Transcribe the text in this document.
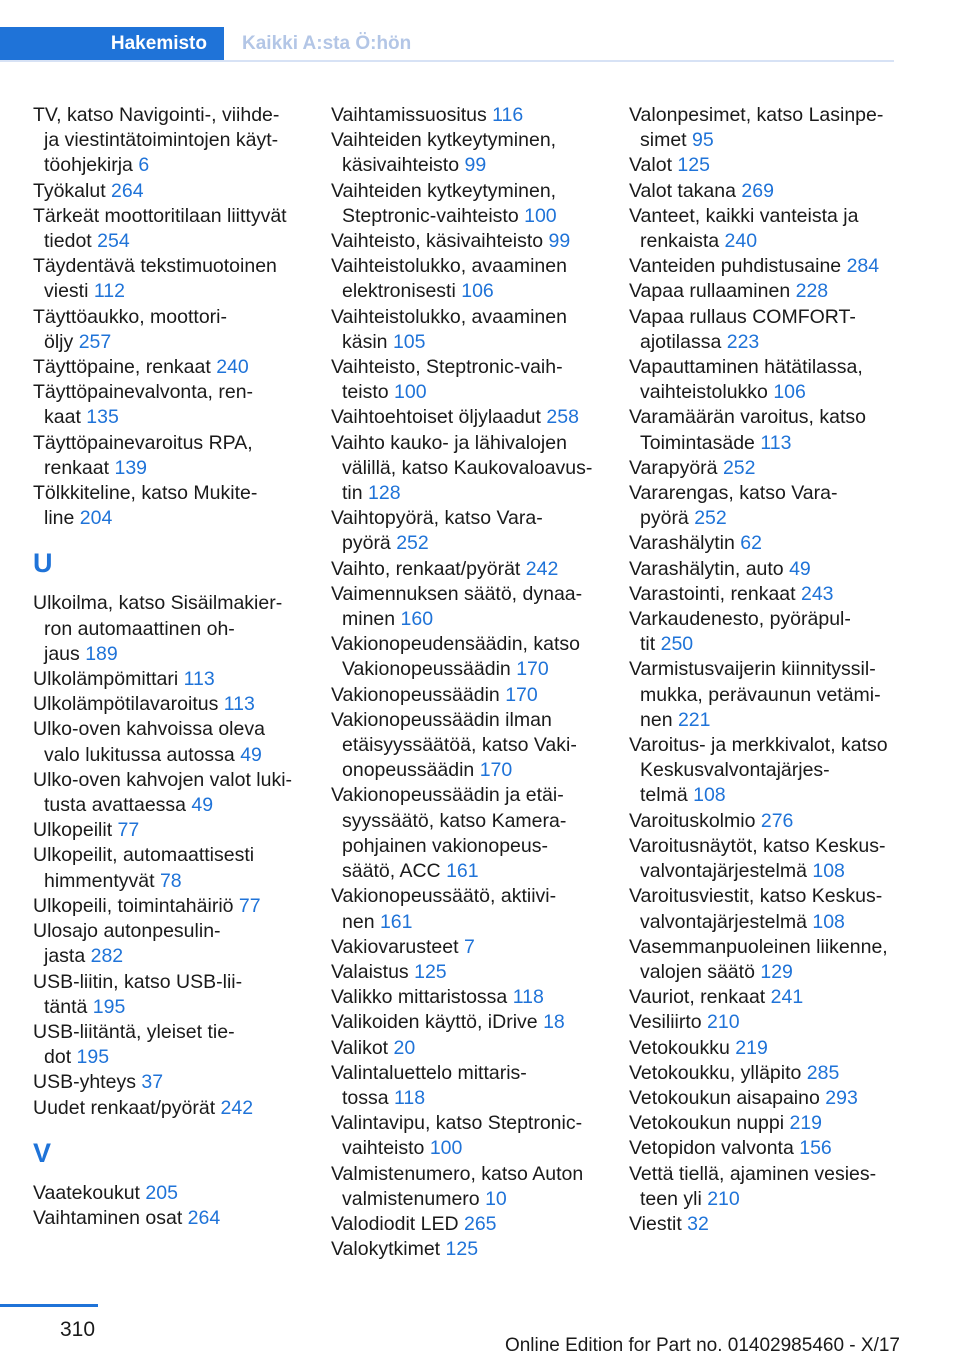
Hakemisto	Kaikki A:sta Ö:hön
TV, katso Navigointi-, viihde-
ja viestintätoimintojen käyt-
töohjekirja 6
Työkalut 264
Tärkeät moottoritilaan liittyvät
tiedot 254
Täydentävä tekstimuotoinen
viesti 112
Täyttöaukko, moottori-
öljy 257
Täyttöpaine, renkaat 240
Täyttöpainevalvonta, ren-
kaat 135
Täyttöpainevaroitus RPA,
renkaat 139
Tölkkiteline, katso Mukite-
line 204
U
Ulkoilma, katso Sisäilmakier-
ron automaattinen oh-
jaus 189
Ulkolämpömittari 113
Ulkolämpötilavaroitus 113
Ulko-oven kahvoissa oleva
valo lukitussa autossa 49
Ulko-oven kahvojen valot luki-
tusta avattaessa 49
Ulkopeilit 77
Ulkopeilit, automaattisesti
himmentyvät 78
Ulkopeili, toimintahäiriö 77
Ulosajo autonpesulin-
jasta 282
USB-liitin, katso USB-lii-
täntä 195
USB-liitäntä, yleiset tie-
dot 195
USB-yhteys 37
Uudet renkaat/pyörät 242
V
Vaatekoukut 205
Vaihtaminen osat 264
Vaihtamissuositus 116
Vaihteiden kytkeytyminen,
käsivaihteisto 99
Vaihteiden kytkeytyminen,
Steptronic-vaihteisto 100
Vaihteisto, käsivaihteisto 99
Vaihteistolukko, avaaminen
elektronisesti 106
Vaihteistolukko, avaaminen
käsin 105
Vaihteisto, Steptronic-vaih-
teisto 100
Vaihtoehtoiset öljylaadut 258
Vaihto kauko- ja lähivalojen
välillä, katso Kaukovaloavus-
tin 128
Vaihtopyörä, katso Vara-
pyörä 252
Vaihto, renkaat/pyörät 242
Vaimennuksen säätö, dynaa-
minen 160
Vakionopeudensäädin, katso
Vakionopeussäädin 170
Vakionopeussäädin 170
Vakionopeussäädin ilman
etäisyyssäätöä, katso Vaki-
onopeussäädin 170
Vakionopeussäädin ja etäi-
syyssäätö, katso Kamera-
pohjainen vakionopeus-
säätö, ACC 161
Vakionopeussäätö, aktiivi-
nen 161
Vakiovarusteet 7
Valaistus 125
Valikko mittaristossa 118
Valikoiden käyttö, iDrive 18
Valikot 20
Valintaluettelo mittaris-
tossa 118
Valintavipu, katso Steptronic-
vaihteisto 100
Valmistenumero, katso Auton
valmistenumero 10
Valodiodit LED 265
Valokytkimet 125
Valonpesimet, katso Lasinpe-
simet 95
Valot 125
Valot takana 269
Vanteet, kaikki vanteista ja
renkaista 240
Vanteiden puhdistusaine 284
Vapaa rullaaminen 228
Vapaa rullaus COMFORT-
ajotilassa 223
Vapauttaminen hätätilassa,
vaihteistolukko 106
Varamäärän varoitus, katso
Toimintasäde 113
Varapyörä 252
Vararengas, katso Vara-
pyörä 252
Varashälytin 62
Varashälytin, auto 49
Varastointi, renkaat 243
Varkaudenesto, pyöräpul-
tit 250
Varmistusvaijerin kiinnityssil-
mukka, perävaunun vetämi-
nen 221
Varoitus- ja merkkivalot, katso
Keskusvalvontajärjes-
telmä 108
Varoituskolmio 276
Varoitusnäytöt, katso Keskus-
valvontajärjestelmä 108
Varoitusviestit, katso Keskus-
valvontajärjestelmä 108
Vasemmanpuoleinen liikenne,
valojen säätö 129
Vauriot, renkaat 241
Vesiliirto 210
Vetokoukku 219
Vetokoukku, ylläpito 285
Vetokoukun aisapaino 293
Vetokoukun nuppi 219
Vetopidon valvonta 156
Vettä tiellä, ajaminen vesies-
teen yli 210
Viestit 32
310
Online Edition for Part no. 01402985460 - X/17
